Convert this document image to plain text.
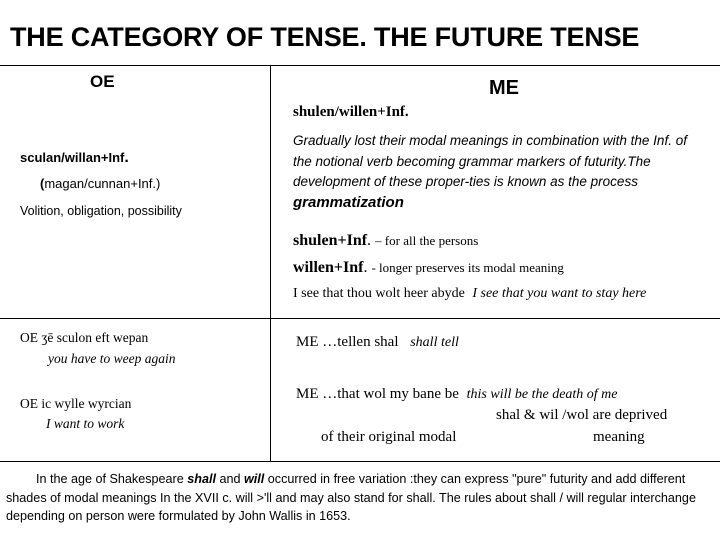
THE CATEGORY OF TENSE. THE FUTURE TENSE
OE	ME
sculan/willan+Inf.
(magan/cunnan+Inf.)
Volition, obligation, possibility
shulen/willen+Inf.
Gradually lost their modal meanings in combination with the Inf. of the notional verb becoming grammar markers of futurity.The development of these proper-ties is known as the process grammatization
shulen+Inf. – for all the persons
willen+Inf. - longer preserves its modal meaning
I see that thou wolt heer abyde I see that you want to stay here
OE ʒē sculon eft wepan
you have to weep again
OE ic wylle wyrcian
I want to work
ME …tellen shal shall tell
ME …that wol my bane be this will be the death of me
shal & wil /wol are deprived
of their original modal	meaning
In the age of Shakespeare shall and will occurred in free variation :they can express "pure" futurity and add different shades of modal meanings In the XVII c. will >'ll and may also stand for shall. The rules about shall / will regular interchange depending on person were formulated by John Wallis in 1653.
